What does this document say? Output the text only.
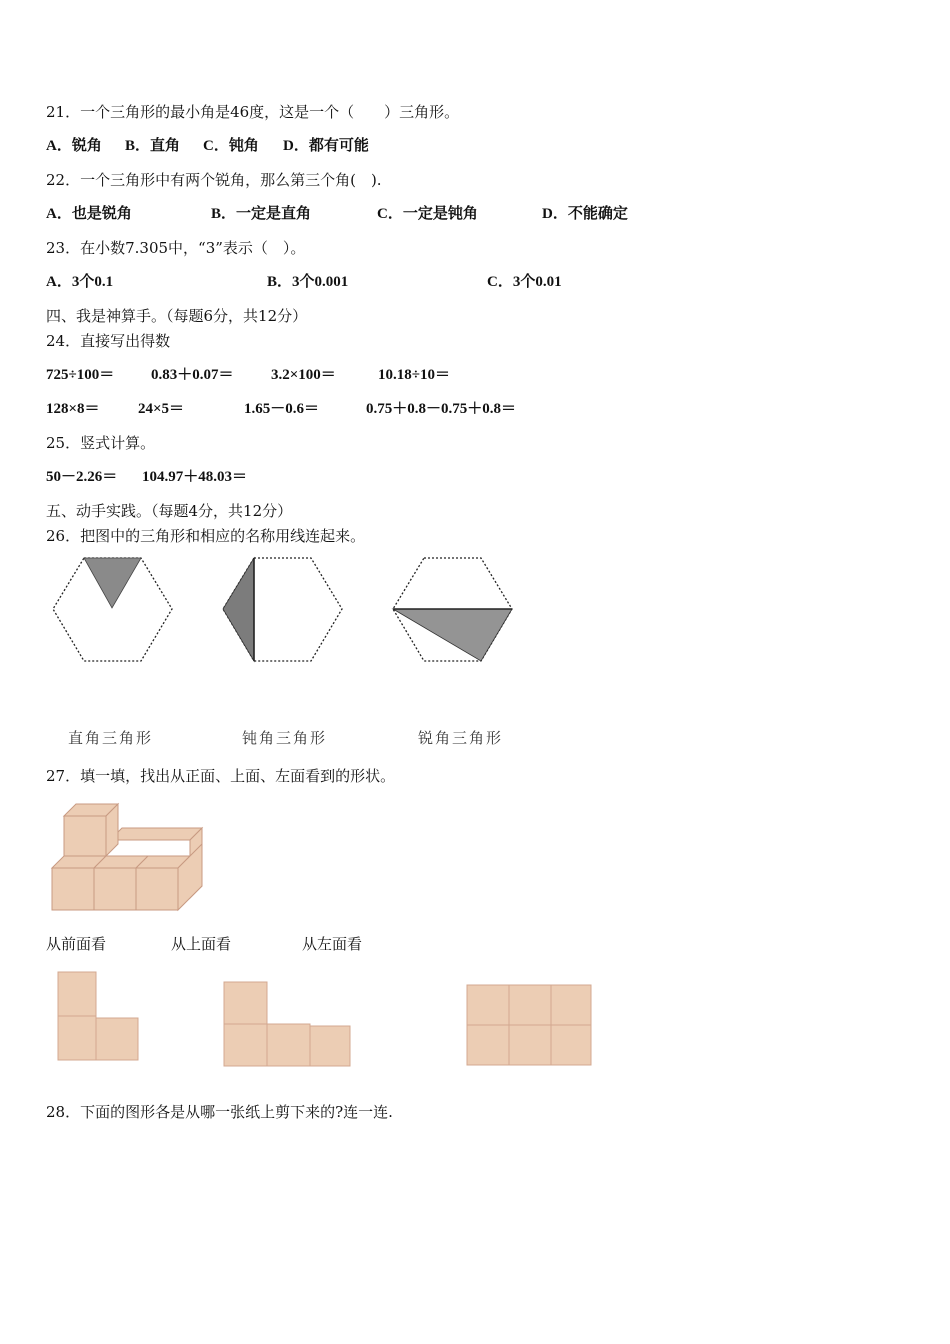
21．一个三角形的最小角是46度，这是一个（　　）三角形。
A．锐角 B．直角 C．钝角 D．都有可能
22．一个三角形中有两个锐角，那么第三个角(　).
A．也是锐角	B．一定是直角	C．一定是钝角	D．不能确定
23．在小数7.305中，“3”表示（　）。
A．3个0.1	B．3个0.001	C．3个0.01
四、我是神算手。（每题6分，共12分）
24．直接写出得数
725÷100＝ 0.83＋0.07＝ 3.2×100＝	10.18÷10＝
128×8＝	24×5＝	1.65－0.6＝	0.75＋0.8－0.75＋0.8＝
25．竖式计算。
50－2.26＝ 104.97＋48.03＝
五、动手实践。（每题4分，共12分）
26．把图中的三角形和相应的名称用线连起来。
直角三角形	钝角三角形	锐角三角形
27．填一填，找出从正面、上面、左面看到的形状。
从前面看	从上面看	从左面看
28．下面的图形各是从哪一张纸上剪下来的?连一连.
